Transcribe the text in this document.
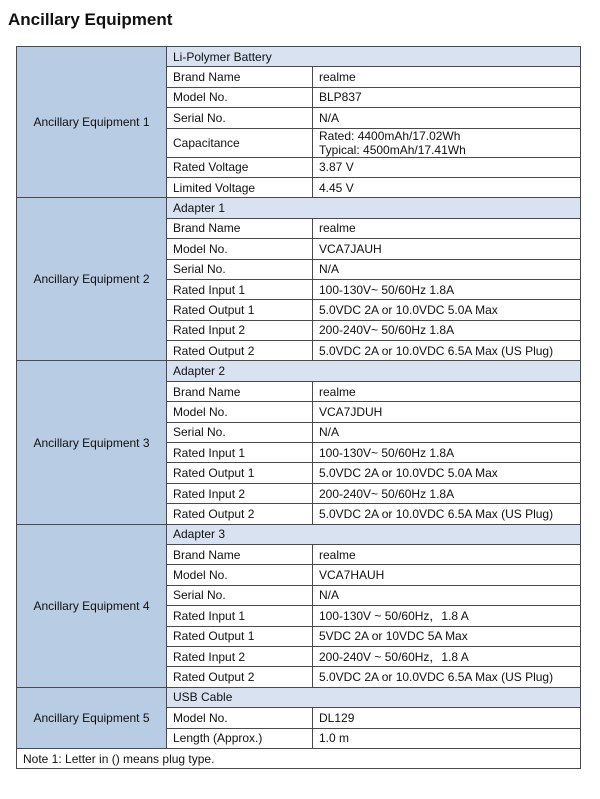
Ancillary Equipment
Ancillary Equipment 1	Li-Polymer Battery	
	Brand Name	realme
	Model No.	BLP837
	Serial No.	N/A
	Capacitance	Rated: 4400mAh/17.02Wh
Typical: 4500mAh/17.41Wh

	Rated Voltage	3.87 V
	Limited Voltage	4.45 V
Ancillary Equipment 2	Adapter 1	
	Brand Name	realme
	Model No.	VCA7JAUH
	Serial No.	N/A
	Rated Input 1	100-130V~ 50/60Hz 1.8A
	Rated Output 1	5.0VDC 2A or 10.0VDC 5.0A Max
	Rated Input 2	200-240V~ 50/60Hz 1.8A
	Rated Output 2	5.0VDC 2A or 10.0VDC 6.5A Max (US Plug)
Ancillary Equipment 3	Adapter 2	
	Brand Name	realme
	Model No.	VCA7JDUH
	Serial No.	N/A
	Rated Input 1	100-130V~ 50/60Hz 1.8A
	Rated Output 1	5.0VDC 2A or 10.0VDC 5.0A Max
	Rated Input 2	200-240V~ 50/60Hz 1.8A
	Rated Output 2	5.0VDC 2A or 10.0VDC 6.5A Max (US Plug)
Ancillary Equipment 4	Adapter 3	
	Brand Name	realme
	Model No.	VCA7HAUH
	Serial No.	N/A
	Rated Input 1	100-130V ~ 50/60Hz，1.8 A
	Rated Output 1	5VDC 2A or 10VDC 5A Max
	Rated Input 2	200-240V ~ 50/60Hz，1.8 A
	Rated Output 2	5.0VDC 2A or 10.0VDC 6.5A Max (US Plug)
Ancillary Equipment 5	USB Cable	
	Model No.	DL129
	Length (Approx.)	1.0 m
Note 1: Letter in () means plug type.		
